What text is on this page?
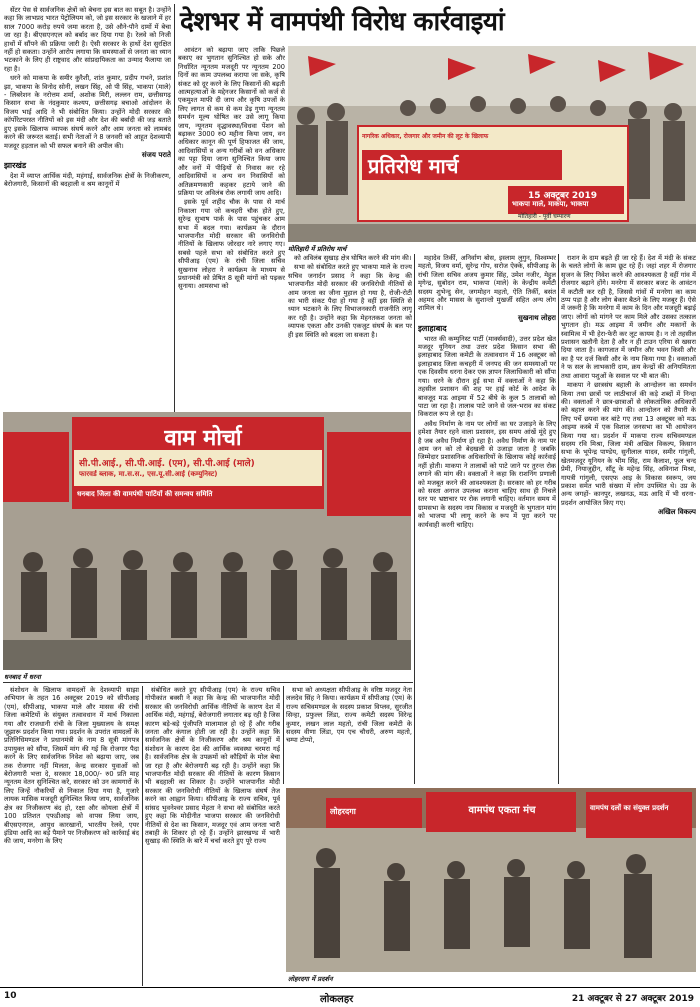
देशभर में वामपंथी विरोध कार्रवाइयां

सेंटर पेस से सार्वजनिक क्षेत्रों को बेचना इस बात का सबूत है। उन्होंने कहा कि लाभप्रद भारत पेट्रोलियम को, जो इस सरकार के खजाने में हर साल 7000 करोड़ रुपये जमा करता है, उसे औने-पौने दामों में बेचा जा रहा है। बीएसएनएल को बर्बाद कर दिया गया है। रेलवे को निजी हाथों में सौंपने की प्रक्रिया जारी है। ऐसी सरकार के हाथों देश सुरक्षित नहीं हो सकता। उन्होंने आरोप लगाया कि समस्याओं से जनता का ध्यान भटकाने के लिए ही राष्ट्रवाद और सांप्रदायिकता का उन्माद फैलाया जा रहा है।

धरने को माकपा के समीर कुरैशी, शांत कुमार, प्रदीप गभने, प्रशांत झा, भाकपा के विनोद सोनी, लखन सिंह, ओ पी सिंह, भाकपा (माले) - लिबरेशन के नरोत्तम शर्मा, अशोक मिरी, लल्लन राम, छत्तीसगढ़ किसान सभा के नंदकुमार कश्यप, छत्तीसगढ़ बचाओ आंदोलन के विजय भाई आदि ने भी संबोधित किया। उन्होंने मोदी सरकार की कॉर्पोरेटपरस्त नीतियों को इस मंदी और देश की बर्बादी की जड़ बताते हुए इसके खिलाफ व्यापक संघर्ष करने और आम जनता को लामबंद करने की जरूरत बताई। सभी नेताओं ने 8 जनवरी को आहूत देशव्यापी मजदूर हड़ताल को भी सफल बनाने की अपील की।

संजय पराते
झारखंड

देश में व्याप्त आर्थिक मंदी, महंगाई, सार्वजनिक क्षेत्रों के निजीकरण, बेरोजगारी, किसानों की बदहाली व श्रम कानूनों में

आवंटन को बढ़ाया जाए ताकि पिछले बकाए का भुगतान सुनिश्चित हो सके और निर्धारित न्यूनतम मजदूरी पर न्यूनतम 200 दिनों का काम उपलब्ध कराया जा सके, कृषि संकट को दूर करने के लिए किसानों की बढ़ती आत्महत्याओं के मद्देनजर किसानों को कर्ज से एकमुश्त माफी दी जाय और कृषि उपजों के लिए लागत से कम से कम डेढ़ गुणा न्यूनतम समर्थन मूल्य घोषित कर उसे लागू किया जाय, न्यूनतम वृद्धावस्था/विधवा पेंशन को बढ़ाकर 3000 रु0 महीना किया जाय, वन अधिकार कानून की पूर्ण हिफाजत की जाय, आदिवासियों व अन्य गरीबों को वन अधिकार का पट्टा दिया जाना सुनिश्चित किया जाय और वनों में पीढ़ियों से निवास कर रहे आदिवासियों व अन्य वन निवासियों को अतिक्रमणकारी कहकर हटाये जाने की प्रक्रिया पर अविलंब रोक लगायी जाय आदि।

इसके पूर्व शहीद चौक के पास से मार्च निकाला गया जो कचहरी चौक होते हुए, सुरेन्द्र सुभाष पार्क के पास पहुंचकर आम सभा में बदल गया। कार्यक्रम के दौरान भाजपानीत मोदी सरकार की जनविरोधी नीतियों के खिलाफ जोरदार नारे लगाए गए। सबसे पहले सभा को संबोधित करते हुए सीपीआइ (एम) के रांची जिला सचिव सुखनाथ लोहरा ने कार्यक्रम के माध्यम से प्रधानमंत्री को प्रेषित 8 सूत्री मांगों को पढ़कर सुनाया। आमसभा को

नागरिक अधिकार, रोजगार और जमीन की लूट के खिलाफ
प्रतिरोध मार्च
15 अक्टूबर 2019
भाकपा माले, माकपा, भाकपा
मोतिहारी - पूर्वी चम्पारण
मोतिहारी में प्रतिरोध मार्च

को अविलंब सुखाड़ क्षेत्र घोषित करने की मांग की।

सभा को संबोधित करते हुए भाकपा माले के राज्य सचिव जनार्दन प्रसाद ने कहा कि केन्द्र की भाजपानीत मोदी सरकार की जनविरोधी नीतियों से आम जनता का जीना मुहाल हो गया है, रोजी-रोटी का भारी संकट पैदा हो गया है वहीं इस स्थिति से ध्यान भटकाने के लिए विभाजनकारी राजनीति लागू कर रही है। उन्होंने कहा कि मेहनतकश जनता को व्यापक एकता और उनकी एकजुट संघर्ष के बल पर ही इस स्थिति को बदला जा सकता है।

महादेव तिर्की, अनिर्वाण बोस, इस्लाम लुगुन, विश्वम्भर महतो, विजय वर्मा, सुरेन्द्र गोप, सरोज ऐक्के, सीपीआइ के रांची जिला सचिव अजय कुमार सिंह, उमेश नजीर, मेहुल मृगेन्द्र, सुबोदन राम, भाकपा (माले) के केन्द्रीय कमेटी सदस्य शुभेन्दु सेन, जगमोहन महतो, ऐति तिर्की, बसंत अहमद और मासस के सुशान्तो मुखर्जी सहित अन्य लोग शामिल थे।

सुखनाथ लोहरा
इलाहाबाद

भारत की कम्युनिस्ट पार्टी (मार्क्सवादी), उत्तर प्रदेश खेत मजदूर यूनियन तथा उत्तर प्रदेश किसान सभा की इलाहाबाद जिला कमेटी के तत्वावधान में 16 अक्टूबर को इलाहाबाद जिला कचहरी में जनपद की जन समस्याओं पर एक दिवसीय धरना देकर एक ज्ञापन जिलाधिकारी को सौंपा गया। धरने के दौरान हुई सभा में वक्ताओं ने कहा कि तहसील प्रशासन की शह पर हाई कोर्ट के आदेश के बावजूद मऊ आइमा में 52 बीघे के कुल 5 तालाबों को पाटा जा रहा है। तालाब पाटे जाने से जल-भराव का संकट विकराल रूप ले रहा है।

अवैध निर्माण के नाम पर लोगों का घर उजाड़ने के लिए हमेशा तैयार रहने वाला प्रशासन, इस समय आंखें मूंदे हुए है जब अवैध निर्माण हो रहा है। अवैध निर्माण के नाम पर आम जन को तो बेदखली से उजाड़ा जाता है जबकि जिम्मेदार प्रशासनिक अधिकारियों के खिलाफ कोई कार्रवाई नहीं होती। माकपा ने तालाबों को पाटे जाने पर तुरन्त रोक लगाने की मांग की। वक्ताओं ने कहा कि राशनिंग प्रणाली को मजबूत करने की आवश्यकता है। सरकार को हर गरीब को सस्ता अनाज उपलब्ध कराना चाहिए साथ ही निचले स्तर पर भ्रष्टाचार पर रोक लगानी चाहिए। वर्तमान समय में ग्रामसभा के सदस्य नाम विकास व मजदूरी के भुगतान मांग को भाजपा भी लागू करने के रूप में पूरा करने पर कार्यवाही करनी चाहिए।

राशन के दाम बढ़ते ही जा रहे हैं। देश में मंदी के संकट के चलते लोगों के काम छूट रहे हैं। जहां शहर में रोजगार सृजन के लिए निवेश करने की आवश्यकता है वहीं गांव में रोजगार बढ़ाने होंगे। मनरेगा में सरकार बजट के आवंटन में कटौती कर रही है, जिससे गांवों में मनरेगा का काम ठप्प पड़ा है और लोग बेकार बैठने के लिए मजबूर हैं। ऐसे में जरूरी है कि मनरेगा में काम के दिन और मजदूरी बढ़ाई जाए। लोगों को मांगने पर काम मिले और उसका तत्काल भुगतान हो। मऊ आइमा में जमीन और मकानों के स्वामित्व में भी हेरा-फेरी कर लूट कायम है। न तो तहसील प्रशासन खतौनी देता है और न ही टाउन एरिया से खसरा दिया जाता है। कागजात में जमीन और भवन किसी और का है पर दर्ज किसी और के नाम किया गया है। वक्ताओं ने फ सल के लाभकारी दाम, क्रय केन्द्रों की अनियमितता तथा आवारा पशुओं के सवाल पर भी बात की।

माकपा ने छात्रसंघ बहाली के आन्दोलन का समर्थन किया तथा छात्रों पर लाठीचार्ज की कड़े शब्दों में निन्दा की। वक्ताओं ने छात्र-छात्राओं से लोकतांत्रिक अधिकारों को बहाल करने की मांग की। आन्दोलन को तैयारी के लिए पर्चे छपवा कर बांटे गए तथा 13 अक्टूबर को मऊ आइमा कस्बे में एक विशाल जनसभा का भी आयोजन किया गया था। प्रदर्शन में माकपा राज्य सचिवमण्डल सदस्य रवि मिश्रा, जिला मंत्री अखिल विकल्प, किसान सभा के भूपेन्द्र पाण्डेय, सुनीलाल यादव, समीर गांगुली, खेतमजदूर यूनियन के भीम सिंह, राम कैलाश, फूल चन्द प्रेमी, नियाजुद्दीन, सौंटू के महेन्द्र सिंह, अविनाश मिश्रा, गायत्री गांगुली, एसएफ आइ के विकास स्वरूप, जय प्रकाश समेत भारी संख्या में लोग उपस्थित थे। उप्र के अन्य जगहों- कानपुर, लखनऊ, मऊ आदि में भी धरना-प्रदर्शन आयोजित किए गए।

अखिल विकल्प
वाम मोर्चा
सी.पी.आई., सी.पी.आई. (एम), सी.पी.आई (माले)
फारवर्ड ब्लाक, मा.स.स., एस.यू.सी.आई (कम्युनिस्ट)
धनबाद जिला की वामपंथी पार्टियों की समन्वय समिति
धनबाद में धरना

संशोधन के खिलाफ वामदलों के देशव्यापी साझा अभियान के तहत 16 अक्टूबर 2019 को सीपीआइ (एम), सीपीआइ, भाकपा माले और मासस की रांची जिला कमेटियों के संयुक्त तत्वावधान में मार्च निकाला गया और राजधानी रांची के जिला मुख्यालय के समक्ष जुझारू प्रदर्शन किया गया। प्रदर्शन के उपरांत वामदलों के प्रतिनिधिमण्डल ने प्रधानमंत्री के नाम 8 सूत्री मांगपत्र उपायुक्त को सौंपा, जिसमें मांग की गई कि रोजगार पैदा करने के लिए सार्वजनिक निवेश को बढ़ाया जाए, जब तक रोजगार नहीं मिलता, केन्द्र सरकार युवाओं को बेरोजगारी भत्ता दे, सरकार 18,000/- रु0 प्रति माह न्यूनतम वेतन सुनिश्चित करे, सरकार को उन कामगारों के लिए जिन्हें नौकरियों से निकाल दिया गया है, गुजारे लायक मासिक मजदूरी सुनिश्चित किया जाय, सार्वजनिक क्षेत्र का निजीकरण बंद हो, रक्षा और कोयला क्षेत्रों में 100 प्रतिशत एफडीआइ को वापस लिया जाय, बीएसएनएल, आयुध कारखानों, भारतीय रेलवे, एयर इंडिया आदि का बड़े पैमाने पर निजीकरण को कार्रवाई बंद की जाय, मनरेगा के लिए

संबोधित करते हुए सीपीआइ (एम) के राज्य सचिव गोपीकांत बक्सी ने कहा कि केन्द्र की भाजपानीत मोदी सरकार की जनविरोधी आर्थिक नीतियों के कारण देश में आर्थिक मंदी, महंगाई, बेरोजगारी लगातार बढ़ रही है जिस कारण बड़े-बड़े पूंजीपति मालामाल हो रहे हैं और गरीब जनता और कंगाल होती जा रही है। उन्होंने कहा कि सार्वजनिक क्षेत्रों के निजीकरण और श्रम कानूनों में संशोधन के कारण देश की आर्थिक व्यवस्था चरमरा गई है। सार्वजनिक क्षेत्र के उपक्रमों को कौड़ियों के मोल बेचा जा रहा है और बेरोजगारी बढ़ रही है। उन्होंने कहा कि भाजपानीत मोदी सरकार की नीतियों के कारण किसान भी बदहाली का शिकार है। उन्होंने भाजपानीत मोदी सरकार की जनविरोधी नीतियों के खिलाफ संघर्ष तेज करने का आह्वान किया। सीपीआइ के राज्य सचिव, पूर्व सांसद भुवनेश्वर प्रसाद मेहता ने सभा को संबोधित करते हुए कहा कि मोदीनीत भाजपा सरकार की जनविरोधी नीतियों से देश का किसान, मजदूर एवं आम जनता भारी तबाही के शिकार हो रहे हैं। उन्होंने झारखण्ड में भारी सुखाड़ की स्थिति के बारे में चर्चा करते हुए पूरे राज्य

सभा को अध्यक्षता सीपीआइ के वरिष्ठ मजदूर नेता ललदेव सिंह ने किया। कार्यक्रम में सीपीआइ (एम) के राज्य सचिवमण्डल के सदस्य प्रकाश विप्लव, सुरजीत सिन्हा, प्रफुल्ल लिंडा, राज्य कमेटी सदस्य विरेन्द्र कुमार, लखन लाल महतो, रांची जिला कमेटी के सदस्य वीणा लिंडा, एम एच चौधरी, अरुण महतो, चम्पा टोप्पो,

लोहरदगा	वामपंथ एकता मंच	वामपंथ दलों का संयुक्त प्रदर्शन
लोहरदगा में प्रदर्शन
10	लोकलहर	21 अक्टूबर से 27 अक्टूबर 2019
